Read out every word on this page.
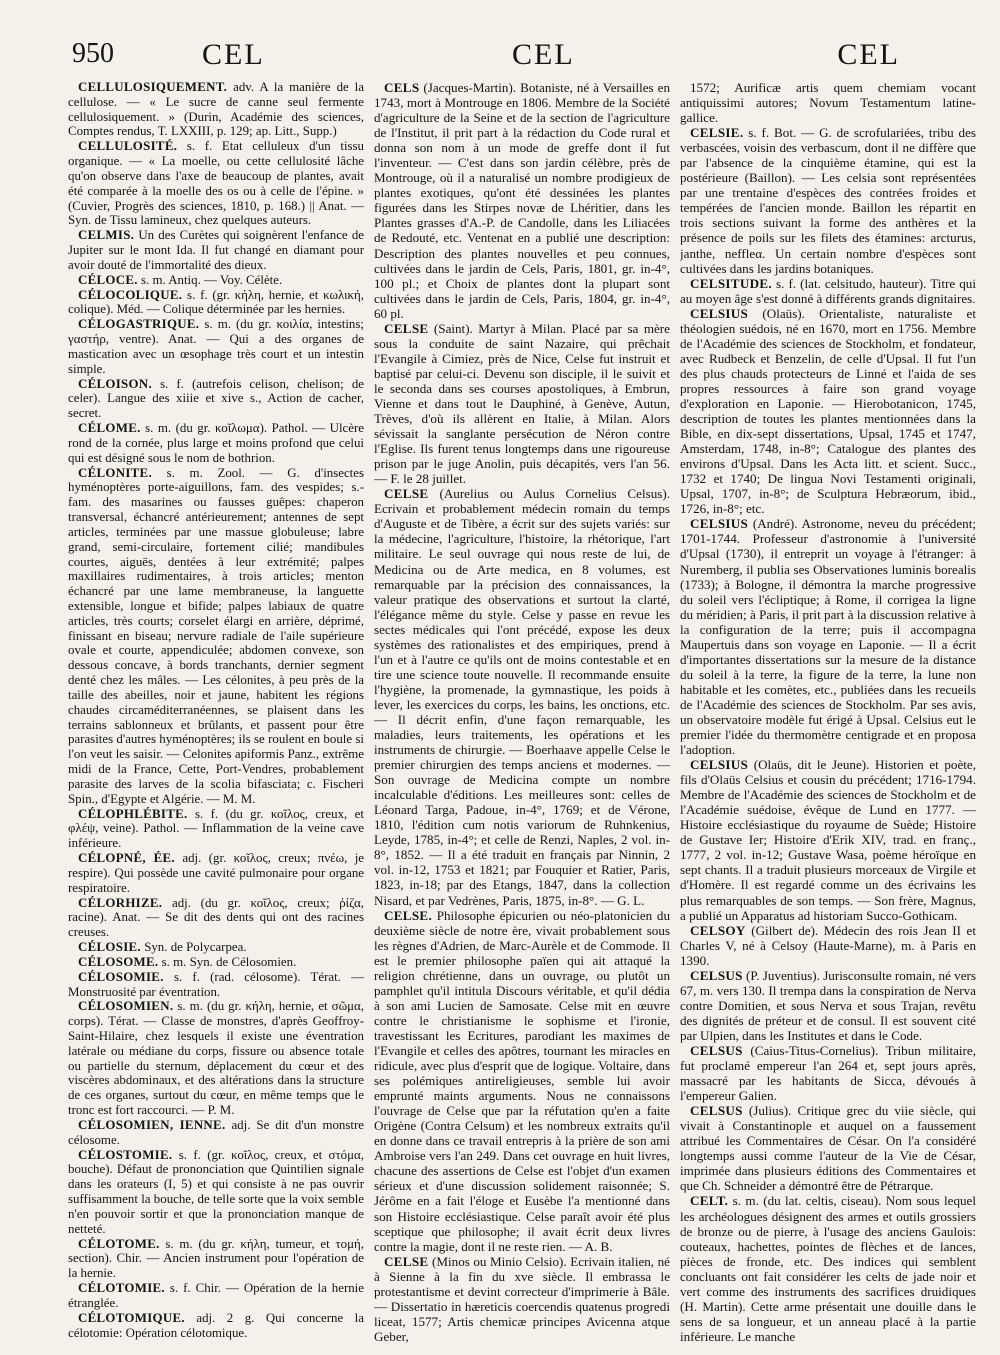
950	CEL	CEL	CEL

CELLULOSIQUEMENT. adv. A la manière de la cellulose. — « Le sucre de canne seul fermente cellulosiquement. » (Durin, Académie des sciences, Comptes rendus, T. LXXIII, p. 129; ap. Litt., Supp.)

CELLULOSITÉ. s. f. Etat celluleux d'un tissu organique. — « La moelle, ou cette cellulosité lâche qu'on observe dans l'axe de beaucoup de plantes, avait été comparée à la moelle des os ou à celle de l'épine. » (Cuvier, Progrès des sciences, 1810, p. 168.) || Anat. — Syn. de Tissu lamineux, chez quelques auteurs.

CELMIS. Un des Curètes qui soignèrent l'enfance de Jupiter sur le mont Ida. Il fut changé en diamant pour avoir douté de l'immortalité des dieux.

CÉLOCE. s. m. Antiq. — Voy. Célète.

CÉLOCOLIQUE. s. f. (gr. κήλη, hernie, et κωλική, colique). Méd. — Colique déterminée par les hernies.

CÉLOGASTRIQUE. s. m. (du gr. κοιλία, intestins; γαστήρ, ventre). Anat. — Qui a des organes de mastication avec un œsophage très court et un intestin simple.

CÉLOISON. s. f. (autrefois celison, chelison; de celer). Langue des xiiie et xive s., Action de cacher, secret.

CÉLOME. s. m. (du gr. κοῖλωμα). Pathol. — Ulcère rond de la cornée, plus large et moins profond que celui qui est désigné sous le nom de bothrion.

CÉLONITE. s. m. Zool. — G. d'insectes hyménoptères porte-aiguillons, fam. des vespides; s.-fam. des masarines ou fausses guêpes: chaperon transversal, échancré antérieurement; antennes de sept articles, terminées par une massue globuleuse; labre grand, semi-circulaire, fortement cilié; mandibules courtes, aiguës, dentées à leur extrémité; palpes maxillaires rudimentaires, à trois articles; menton échancré par une lame membraneuse, la languette extensible, longue et bifide; palpes labiaux de quatre articles, très courts; corselet élargi en arrière, déprimé, finissant en biseau; nervure radiale de l'aile supérieure ovale et courte, appendiculée; abdomen convexe, son dessous concave, à bords tranchants, dernier segment denté chez les mâles. — Les célonites, à peu près de la taille des abeilles, noir et jaune, habitent les régions chaudes circaméditerranéennes, se plaisent dans les terrains sablonneux et brûlants, et passent pour être parasites d'autres hyménoptères; ils se roulent en boule si l'on veut les saisir. — Celonites apiformis Panz., extrême midi de la France, Cette, Port-Vendres, probablement parasite des larves de la scolia bifasciata; c. Fischeri Spin., d'Egypte et Algérie. — M. M.

CÉLOPHLÉBITE. s. f. (du gr. κοῖλος, creux, et φλέψ, veine). Pathol. — Inflammation de la veine cave inférieure.

CÉLOPNÉ, ÉE. adj. (gr. κοῖλος, creux; πνέω, je respire). Qui possède une cavité pulmonaire pour organe respiratoire.

CÉLORHIZE. adj. (du gr. κοῖλος, creux; ῥίζα, racine). Anat. — Se dit des dents qui ont des racines creuses.

CÉLOSIE. Syn. de Polycarpea.

CÉLOSOME. s. m. Syn. de Célosomien.

CÉLOSOMIE. s. f. (rad. célosome). Térat. — Monstruosité par éventration.

CÉLOSOMIEN. s. m. (du gr. κήλη, hernie, et σῶμα, corps). Térat. — Classe de monstres, d'après Geoffroy-Saint-Hilaire, chez lesquels il existe une éventration latérale ou médiane du corps, fissure ou absence totale ou partielle du sternum, déplacement du cœur et des viscères abdominaux, et des altérations dans la structure de ces organes, surtout du cœur, en même temps que le tronc est fort raccourci. — P. M.

CÉLOSOMIEN, IENNE. adj. Se dit d'un monstre célosome.

CÉLOSTOMIE. s. f. (gr. κοῖλος, creux, et στόμα, bouche). Défaut de prononciation que Quintilien signale dans les orateurs (I, 5) et qui consiste à ne pas ouvrir suffisamment la bouche, de telle sorte que la voix semble n'en pouvoir sortir et que la prononciation manque de netteté.

CÉLOTOME. s. m. (du gr. κήλη, tumeur, et τομή, section). Chir. — Ancien instrument pour l'opération de la hernie.

CÉLOTOMIE. s. f. Chir. — Opération de la hernie étranglée.

CÉLOTOMIQUE. adj. 2 g. Qui concerne la célotomie: Opération célotomique.

CELS (Jacques-Martin). Botaniste, né à Versailles en 1743, mort à Montrouge en 1806. Membre de la Société d'agriculture de la Seine et de la section de l'agriculture de l'Institut, il prit part à la rédaction du Code rural et donna son nom à un mode de greffe dont il fut l'inventeur. — C'est dans son jardin célèbre, près de Montrouge, où il a naturalisé un nombre prodigieux de plantes exotiques, qu'ont été dessinées les plantes figurées dans les Stirpes novæ de Lhéritier, dans les Plantes grasses d'A.-P. de Candolle, dans les Liliacées de Redouté, etc. Ventenat en a publié une description: Description des plantes nouvelles et peu connues, cultivées dans le jardin de Cels, Paris, 1801, gr. in-4°, 100 pl.; et Choix de plantes dont la plupart sont cultivées dans le jardin de Cels, Paris, 1804, gr. in-4°, 60 pl.

CELSE (Saint). Martyr à Milan. Placé par sa mère sous la conduite de saint Nazaire, qui prêchait l'Evangile à Cimiez, près de Nice, Celse fut instruit et baptisé par celui-ci. Devenu son disciple, il le suivit et le seconda dans ses courses apostoliques, à Embrun, Vienne et dans tout le Dauphiné, à Genève, Autun, Trèves, d'où ils allèrent en Italie, à Milan. Alors sévissait la sanglante persécution de Néron contre l'Eglise. Ils furent tenus longtemps dans une rigoureuse prison par le juge Anolin, puis décapités, vers l'an 56. — F. le 28 juillet.

CELSE (Aurelius ou Aulus Cornelius Celsus). Ecrivain et probablement médecin romain du temps d'Auguste et de Tibère, a écrit sur des sujets variés: sur la médecine, l'agriculture, l'histoire, la rhétorique, l'art militaire. Le seul ouvrage qui nous reste de lui, de Medicina ou de Arte medica, en 8 volumes, est remarquable par la précision des connaissances, la valeur pratique des observations et surtout la clarté, l'élégance même du style. Celse y passe en revue les sectes médicales qui l'ont précédé, expose les deux systèmes des rationalistes et des empiriques, prend à l'un et à l'autre ce qu'ils ont de moins contestable et en tire une science toute nouvelle. Il recommande ensuite l'hygiène, la promenade, la gymnastique, les poids à lever, les exercices du corps, les bains, les onctions, etc. — Il décrit enfin, d'une façon remarquable, les maladies, leurs traitements, les opérations et les instruments de chirurgie. — Boerhaave appelle Celse le premier chirurgien des temps anciens et modernes. — Son ouvrage de Medicina compte un nombre incalculable d'éditions. Les meilleures sont: celles de Léonard Targa, Padoue, in-4°, 1769; et de Vérone, 1810, l'édition cum notis variorum de Ruhnkenius, Leyde, 1785, in-4°; et celle de Renzi, Naples, 2 vol. in-8°, 1852. — Il a été traduit en français par Ninnin, 2 vol. in-12, 1753 et 1821; par Fouquier et Ratier, Paris, 1823, in-18; par des Etangs, 1847, dans la collection Nisard, et par Vedrènes, Paris, 1875, in-8°. — G. L.

CELSE. Philosophe épicurien ou néo-platonicien du deuxième siècle de notre ère, vivait probablement sous les règnes d'Adrien, de Marc-Aurèle et de Commode. Il est le premier philosophe païen qui ait attaqué la religion chrétienne, dans un ouvrage, ou plutôt un pamphlet qu'il intitula Discours véritable, et qu'il dédia à son ami Lucien de Samosate. Celse mit en œuvre contre le christianisme le sophisme et l'ironie, travestissant les Ecritures, parodiant les maximes de l'Evangile et celles des apôtres, tournant les miracles en ridicule, avec plus d'esprit que de logique. Voltaire, dans ses polémiques antireligieuses, semble lui avoir emprunté maints arguments. Nous ne connaissons l'ouvrage de Celse que par la réfutation qu'en a faite Origène (Contra Celsum) et les nombreux extraits qu'il en donne dans ce travail entrepris à la prière de son ami Ambroise vers l'an 249. Dans cet ouvrage en huit livres, chacune des assertions de Celse est l'objet d'un examen sérieux et d'une discussion solidement raisonnée; S. Jérôme en a fait l'éloge et Eusèbe l'a mentionné dans son Histoire ecclésiastique. Celse paraît avoir été plus sceptique que philosophe; il avait écrit deux livres contre la magie, dont il ne reste rien. — A. B.

CELSE (Minos ou Minio Celsio). Ecrivain italien, né à Sienne à la fin du xve siècle. Il embrassa le protestantisme et devint correcteur d'imprimerie à Bâle. — Dissertatio in hæreticis coercendis quatenus progredi liceat, 1577; Artis chemicæ principes Avicenna atque Geber,

1572; Aurificæ artis quem chemiam vocant antiquissimi autores; Novum Testamentum latine-gallice.

CELSIE. s. f. Bot. — G. de scrofulariées, tribu des verbascées, voisin des verbascum, dont il ne diffère que par l'absence de la cinquième étamine, qui est la postérieure (Baillon). — Les celsia sont représentées par une trentaine d'espèces des contrées froides et tempérées de l'ancien monde. Baillon les répartit en trois sections suivant la forme des anthères et la présence de poils sur les filets des étamines: arcturus, janthe, neffleα. Un certain nombre d'espèces sont cultivées dans les jardins botaniques.

CELSITUDE. s. f. (lat. celsitudo, hauteur). Titre qui au moyen âge s'est donné à différents grands dignitaires.

CELSIUS (Olaüs). Orientaliste, naturaliste et théologien suédois, né en 1670, mort en 1756. Membre de l'Académie des sciences de Stockholm, et fondateur, avec Rudbeck et Benzelin, de celle d'Upsal. Il fut l'un des plus chauds protecteurs de Linné et l'aida de ses propres ressources à faire son grand voyage d'exploration en Laponie. — Hierobotanicon, 1745, description de toutes les plantes mentionnées dans la Bible, en dix-sept dissertations, Upsal, 1745 et 1747, Amsterdam, 1748, in-8°; Catalogue des plantes des environs d'Upsal. Dans les Acta litt. et scient. Succ., 1732 et 1740; De lingua Novi Testamenti originali, Upsal, 1707, in-8°; de Sculptura Hebræorum, ibid., 1726, in-8°; etc.

CELSIUS (André). Astronome, neveu du précédent; 1701-1744. Professeur d'astronomie à l'université d'Upsal (1730), il entreprit un voyage à l'étranger: à Nuremberg, il publia ses Observationes luminis borealis (1733); à Bologne, il démontra la marche progressive du soleil vers l'écliptique; à Rome, il corrigea la ligne du méridien; à Paris, il prit part à la discussion relative à la configuration de la terre; puis il accompagna Maupertuis dans son voyage en Laponie. — Il a écrit d'importantes dissertations sur la mesure de la distance du soleil à la terre, la figure de la terre, la lune non habitable et les comètes, etc., publiées dans les recueils de l'Académie des sciences de Stockholm. Par ses avis, un observatoire modèle fut érigé à Upsal. Celsius eut le premier l'idée du thermomètre centigrade et en proposa l'adoption.

CELSIUS (Olaüs, dit le Jeune). Historien et poète, fils d'Olaüs Celsius et cousin du précédent; 1716-1794. Membre de l'Académie des sciences de Stockholm et de l'Académie suédoise, évêque de Lund en 1777. — Histoire ecclésiastique du royaume de Suède; Histoire de Gustave Ier; Histoire d'Erik XIV, trad. en franç., 1777, 2 vol. in-12; Gustave Wasa, poème héroïque en sept chants. Il a traduit plusieurs morceaux de Virgile et d'Homère. Il est regardé comme un des écrivains les plus remarquables de son temps. — Son frère, Magnus, a publié un Apparatus ad historiam Succo-Gothicam.

CELSOY (Gilbert de). Médecin des rois Jean II et Charles V, né à Celsoy (Haute-Marne), m. à Paris en 1390.

CELSUS (P. Juventius). Jurisconsulte romain, né vers 67, m. vers 130. Il trempa dans la conspiration de Nerva contre Domitien, et sous Nerva et sous Trajan, revêtu des dignités de préteur et de consul. Il est souvent cité par Ulpien, dans les Institutes et dans le Code.

CELSUS (Caius-Titus-Cornelius). Tribun militaire, fut proclamé empereur l'an 264 et, sept jours après, massacré par les habitants de Sicca, dévoués à l'empereur Galien.

CELSUS (Julius). Critique grec du viie siècle, qui vivait à Constantinople et auquel on a faussement attribué les Commentaires de César. On l'a considéré longtemps aussi comme l'auteur de la Vie de César, imprimée dans plusieurs éditions des Commentaires et que Ch. Schneider a démontré être de Pétrarque.

CELT. s. m. (du lat. celtis, ciseau). Nom sous lequel les archéologues désignent des armes et outils grossiers de bronze ou de pierre, à l'usage des anciens Gaulois: couteaux, hachettes, pointes de flèches et de lances, pièces de fronde, etc. Des indices qui semblent concluants ont fait considérer les celts de jade noir et vert comme des instruments des sacrifices druidiques (H. Martin). Cette arme présentait une douille dans le sens de sa longueur, et un anneau placé à la partie inférieure. Le manche
